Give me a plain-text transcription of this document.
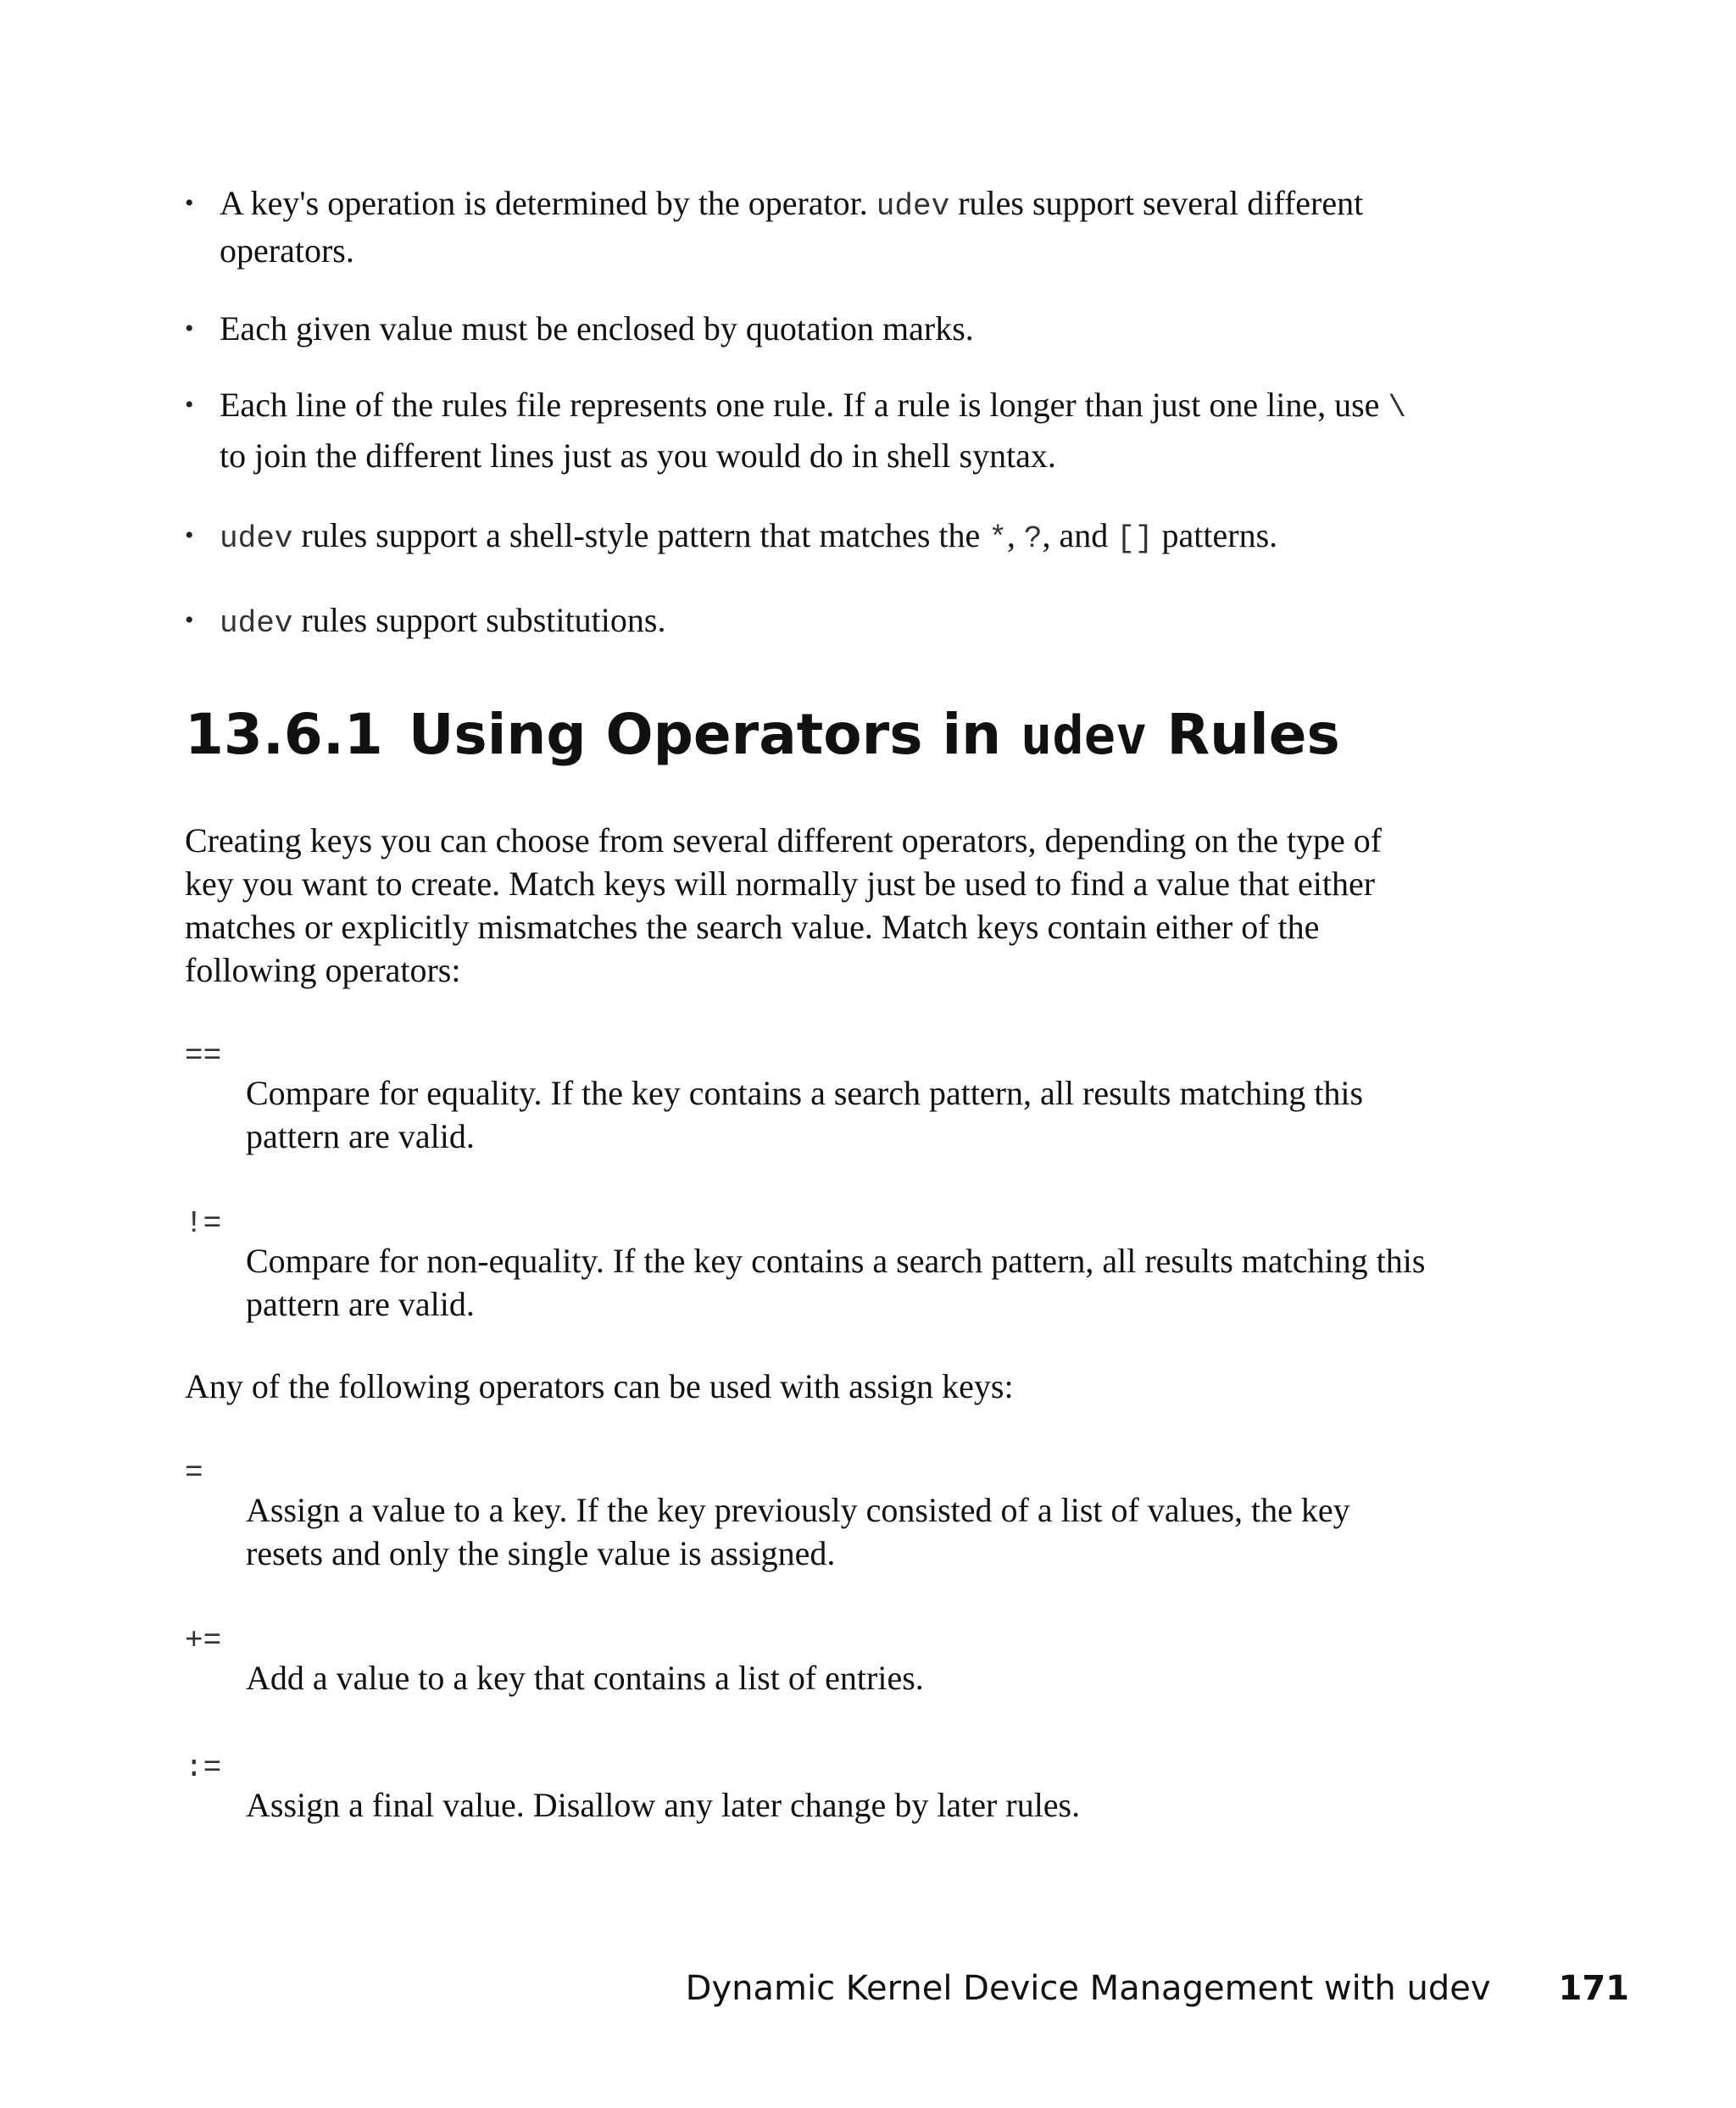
• A key's operation is determined by the operator. udev rules support several different operators.
• Each given value must be enclosed by quotation marks.
• Each line of the rules file represents one rule. If a rule is longer than just one line, use \ to join the different lines just as you would do in shell syntax.
• udev rules support a shell-style pattern that matches the *, ?, and [] patterns.
• udev rules support substitutions.
13.6.1 Using Operators in udev Rules

Creating keys you can choose from several different operators, depending on the type of key you want to create. Match keys will normally just be used to find a value that either matches or explicitly mismatches the search value. Match keys contain either of the following operators:

==

Compare for equality. If the key contains a search pattern, all results matching this pattern are valid.

!=

Compare for non-equality. If the key contains a search pattern, all results matching this pattern are valid.

Any of the following operators can be used with assign keys:

=

Assign a value to a key. If the key previously consisted of a list of values, the key resets and only the single value is assigned.

+=

Add a value to a key that contains a list of entries.

:=

Assign a final value. Disallow any later change by later rules.

Dynamic Kernel Device Management with udev 171
